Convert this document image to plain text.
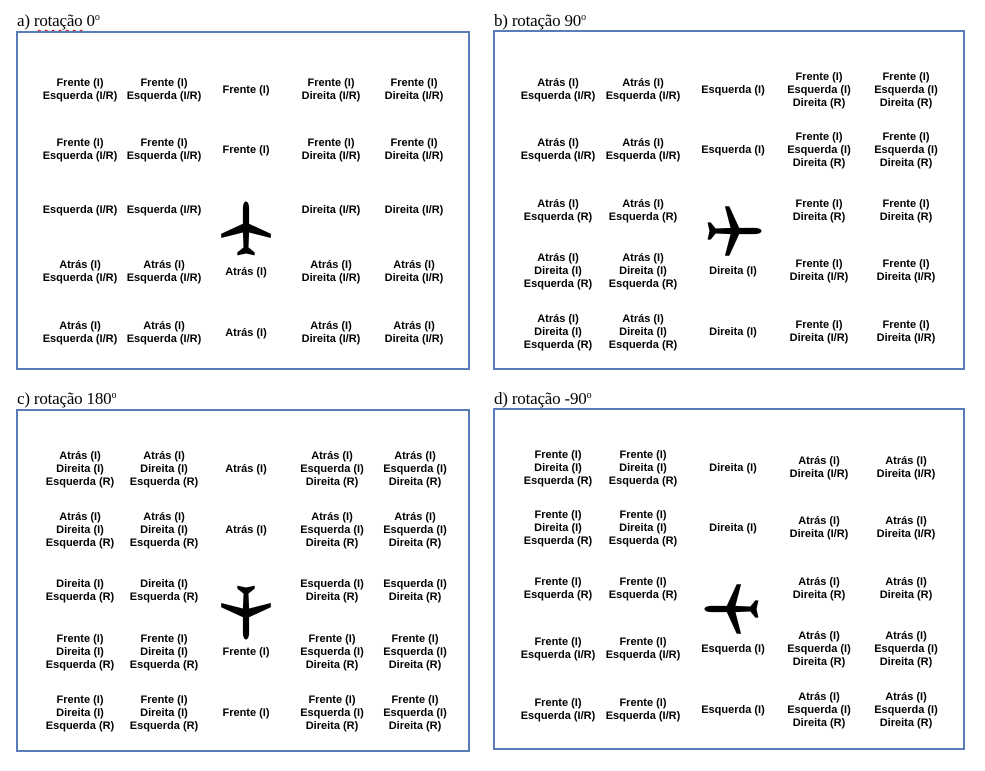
a) rotação 0$^o$
Frente (I)
Esquerda (I/R)
Frente (I)
Esquerda (I/R)
Frente (I)
Frente (I)
Direita (I/R)
Frente (I)
Direita (I/R)
Frente (I)
Esquerda (I/R)
Frente (I)
Esquerda (I/R)
Frente (I)
Frente (I)
Direita (I/R)
Frente (I)
Direita (I/R)
Esquerda (I/R) Esquerda (I/R)	Direita (I/R) Direita (I/R)
Atrás (I)
Esquerda (I/R)
Atrás (I)
Esquerda (I/R)
Atrás (I)
Atrás (I)
Direita (I/R)
Atrás (I)
Direita (I/R)
Atrás (I)
Esquerda (I/R)
Atrás (I)
Esquerda (I/R)
Atrás (I)
Atrás (I)
Direita (I/R)
Atrás (I)
Direita (I/R)
b) rotação 90$^o$
Atrás (I)
Esquerda (I/R)
Atrás (I)
Esquerda (I/R)
Esquerda (I)
Frente (I)
Esquerda (I)
Direita (R)
Frente (I)
Esquerda (I)
Direita (R)
Atrás (I)
Esquerda (I/R)
Atrás (I)
Esquerda (I/R)
Esquerda (I)
Frente (I)
Esquerda (I)
Direita (R)
Frente (I)
Esquerda (I)
Direita (R)
Atrás (I)
Esquerda (R)
Atrás (I)
Esquerda (R)
Frente (I)
Direita (R)
Frente (I)
Direita (R)
Atrás (I)
Direita (I)
Esquerda (R)
Atrás (I)
Direita (I)
Esquerda (R)
Direita (I)
Frente (I)
Direita (I/R)
Frente (I)
Direita (I/R)
Atrás (I)
Direita (I)
Esquerda (R)
Atrás (I)
Direita (I)
Esquerda (R)
Direita (I)
Frente (I)
Direita (I/R)
Frente (I)
Direita (I/R)
c) rotação 180$^o$
Atrás (I)
Direita (I)
Esquerda (R)
Atrás (I)
Direita (I)
Esquerda (R)
Atrás (I)
Atrás (I)
Esquerda (I)
Direita (R)
Atrás (I)
Esquerda (I)
Direita (R)
Atrás (I)
Direita (I)
Esquerda (R)
Atrás (I)
Direita (I)
Esquerda (R)
Atrás (I)
Atrás (I)
Esquerda (I)
Direita (R)
Atrás (I)
Esquerda (I)
Direita (R)
Direita (I)
Esquerda (R)
Direita (I)
Esquerda (R)
Esquerda (I)
Direita (R)
Esquerda (I)
Direita (R)
Frente (I)
Direita (I)
Esquerda (R)
Frente (I)
Direita (I)
Esquerda (R)
Frente (I)
Frente (I)
Esquerda (I)
Direita (R)
Frente (I)
Esquerda (I)
Direita (R)
Frente (I)
Direita (I)
Esquerda (R)
Frente (I)
Direita (I)
Esquerda (R)
Frente (I)
Frente (I)
Esquerda (I)
Direita (R)
Frente (I)
Esquerda (I)
Direita (R)
d) rotação -90$^o$
Frente (I)
Direita (I)
Esquerda (R)
Frente (I)
Direita (I)
Esquerda (R)
Direita (I)
Atrás (I)
Direita (I/R)
Atrás (I)
Direita (I/R)
Frente (I)
Direita (I)
Esquerda (R)
Frente (I)
Direita (I)
Esquerda (R)
Direita (I)
Atrás (I)
Direita (I/R)
Atrás (I)
Direita (I/R)
Frente (I)
Esquerda (R)
Frente (I)
Esquerda (R)
Atrás (I)
Direita (R)
Atrás (I)
Direita (R)
Frente (I)
Esquerda (I/R)
Frente (I)
Esquerda (I/R)
Esquerda (I)
Atrás (I)
Esquerda (I)
Direita (R)
Atrás (I)
Esquerda (I)
Direita (R)
Frente (I)
Esquerda (I/R)
Frente (I)
Esquerda (I/R)
Esquerda (I)
Atrás (I)
Esquerda (I)
Direita (R)
Atrás (I)
Esquerda (I)
Direita (R)
